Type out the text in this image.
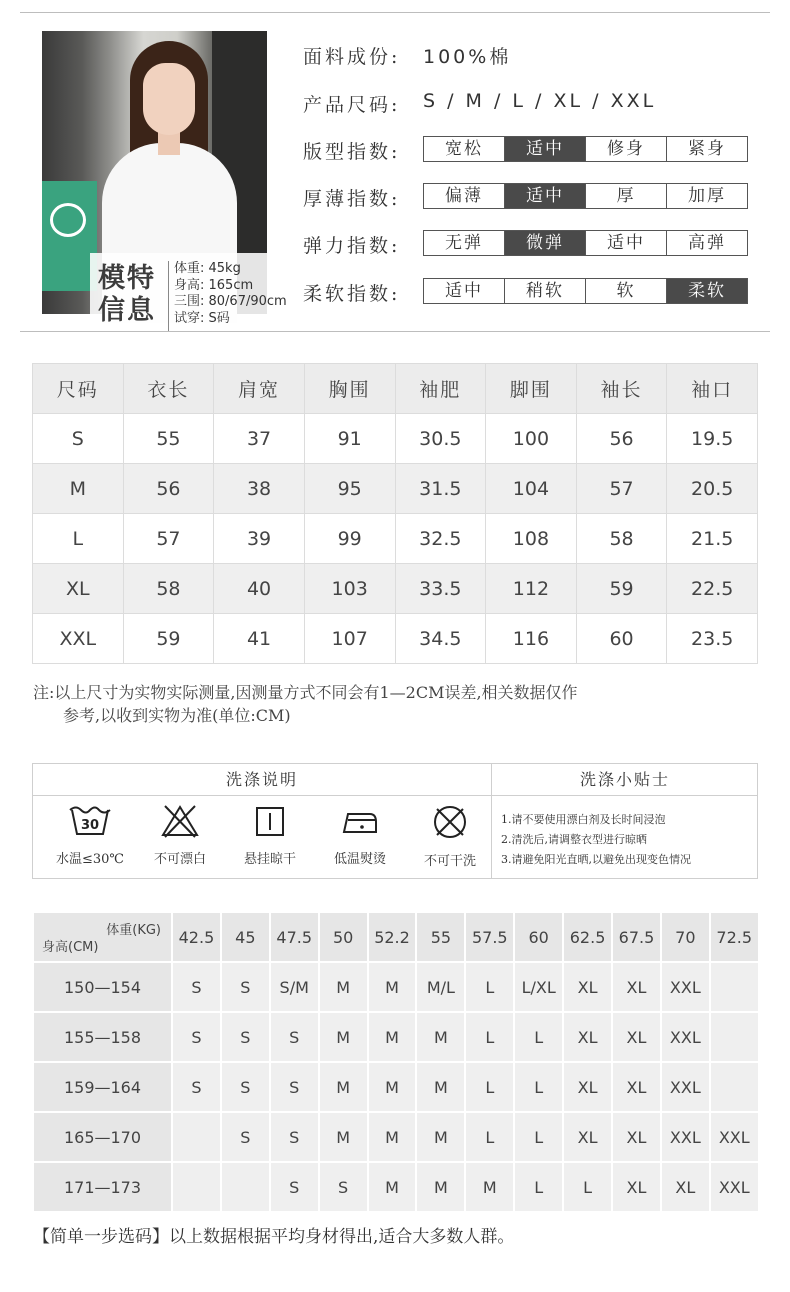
模特信息
体重: 45kg
身高: 165cm
三围: 80/67/90cm
试穿: S码
面料成份: 100%棉
产品尺码: S / M / L / XL / XXL
版型指数:	宽松	适中	修身	紧身
厚薄指数:	偏薄	适中	厚	加厚
弹力指数:	无弹	微弹	适中	高弹
柔软指数:	适中	稍软	软	柔软
尺码	衣长	肩宽	胸围	袖肥	脚围	袖长	袖口
S	55	37	91	30.5	100	56	19.5
M	56	38	95	31.5	104	57	20.5
L	57	39	99	32.5	108	58	21.5
XL	58	40	103	33.5	112	59	22.5
XXL	59	41	107	34.5	116	60	23.5
注:以上尺寸为实物实际测量,因测量方式不同会有1—2CM误差,相关数据仅作
参考,以收到实物为准(单位:CM)
洗涤说明	洗涤小贴士
30
水温≤30℃	不可漂白	悬挂晾干	低温熨烫	不可干洗
1.请不要使用漂白剂及长时间浸泡
2.清洗后,请调整衣型进行晾晒
3.请避免阳光直晒,以避免出现变色情况
体重(KG)
身高(CM)	42.5	45	47.5	50	52.2	55	57.5	60	62.5	67.5	70	72.5
150—154	S	S	S/M	M	M	M/L	L	L/XL	XL	XL	XXL	
155—158	S	S	S	M	M	M	L	L	XL	XL	XXL	
159—164	S	S	S	M	M	M	L	L	XL	XL	XXL	
165—170		S	S	M	M	M	L	L	XL	XL	XXL	XXL
171—173			S	S	M	M	M	L	L	XL	XL	XXL
【简单一步选码】以上数据根据平均身材得出,适合大多数人群。
